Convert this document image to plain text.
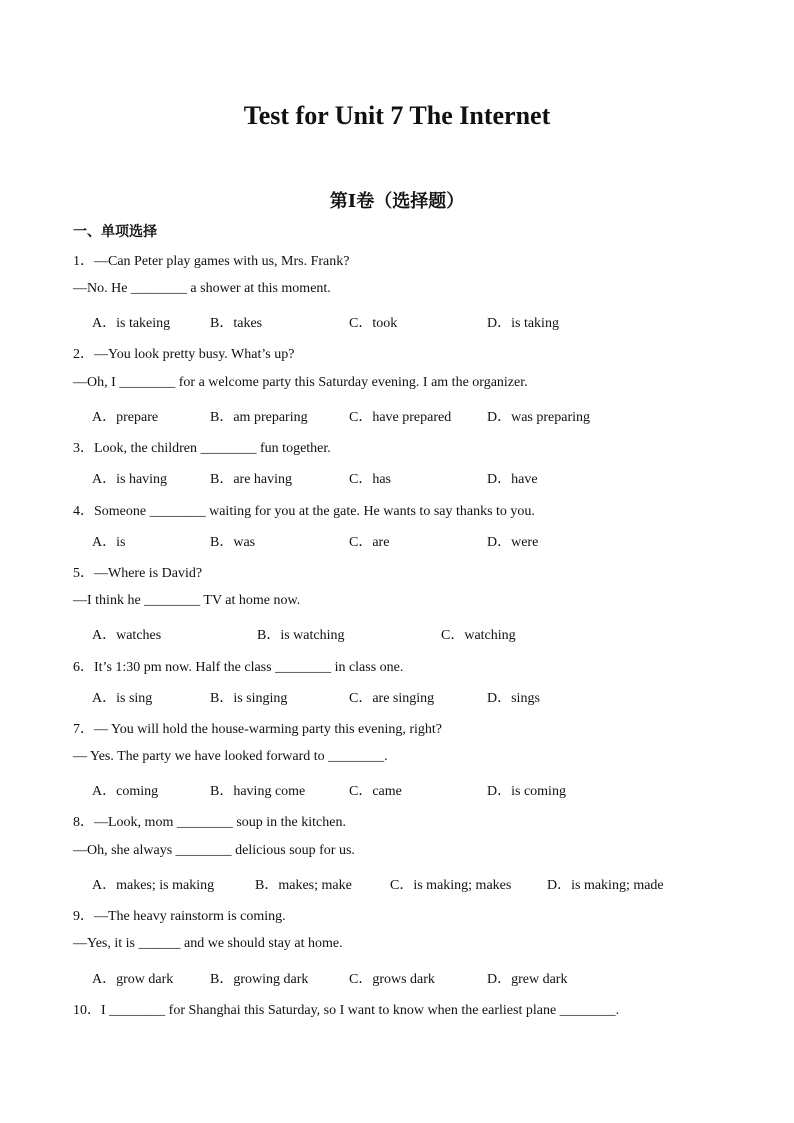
Test for Unit 7 The Internet
第Ⅰ卷（选择题）
一、单项选择
1．—Can Peter play games with us, Mrs. Frank?
—No. He ________ a shower at this moment.
A．is takeing	B．takes	C．took	D．is taking
2．—You look pretty busy. What’s up?
—Oh, I ________ for a welcome party this Saturday evening. I am the organizer.
A．prepare	B．am preparing	C．have prepared	D．was preparing
3．Look, the children ________ fun together.
A．is having	B．are having	C．has	D．have
4．Someone ________ waiting for you at the gate. He wants to say thanks to you.
A．is	B．was	C．are	D．were
5．—Where is David?
—I think he ________ TV at home now.
A．watches	B．is watching	C．watching
6．It’s 1:30 pm now. Half the class ________ in class one.
A．is sing	B．is singing	C．are singing	D．sings
7．— You will hold the house-warming party this evening, right?
— Yes. The party we have looked forward to ________.
A．coming	B．having come	C．came	D．is coming
8．—Look, mom ________ soup in the kitchen.
—Oh, she always ________ delicious soup for us.
A．makes; is making	B．makes; make	C．is making; makes	D．is making; made
9．—The heavy rainstorm is coming.
—Yes, it is ______ and we should stay at home.
A．grow dark	B．growing dark	C．grows dark	D．grew dark
10．I ________ for Shanghai this Saturday, so I want to know when the earliest plane ________.
